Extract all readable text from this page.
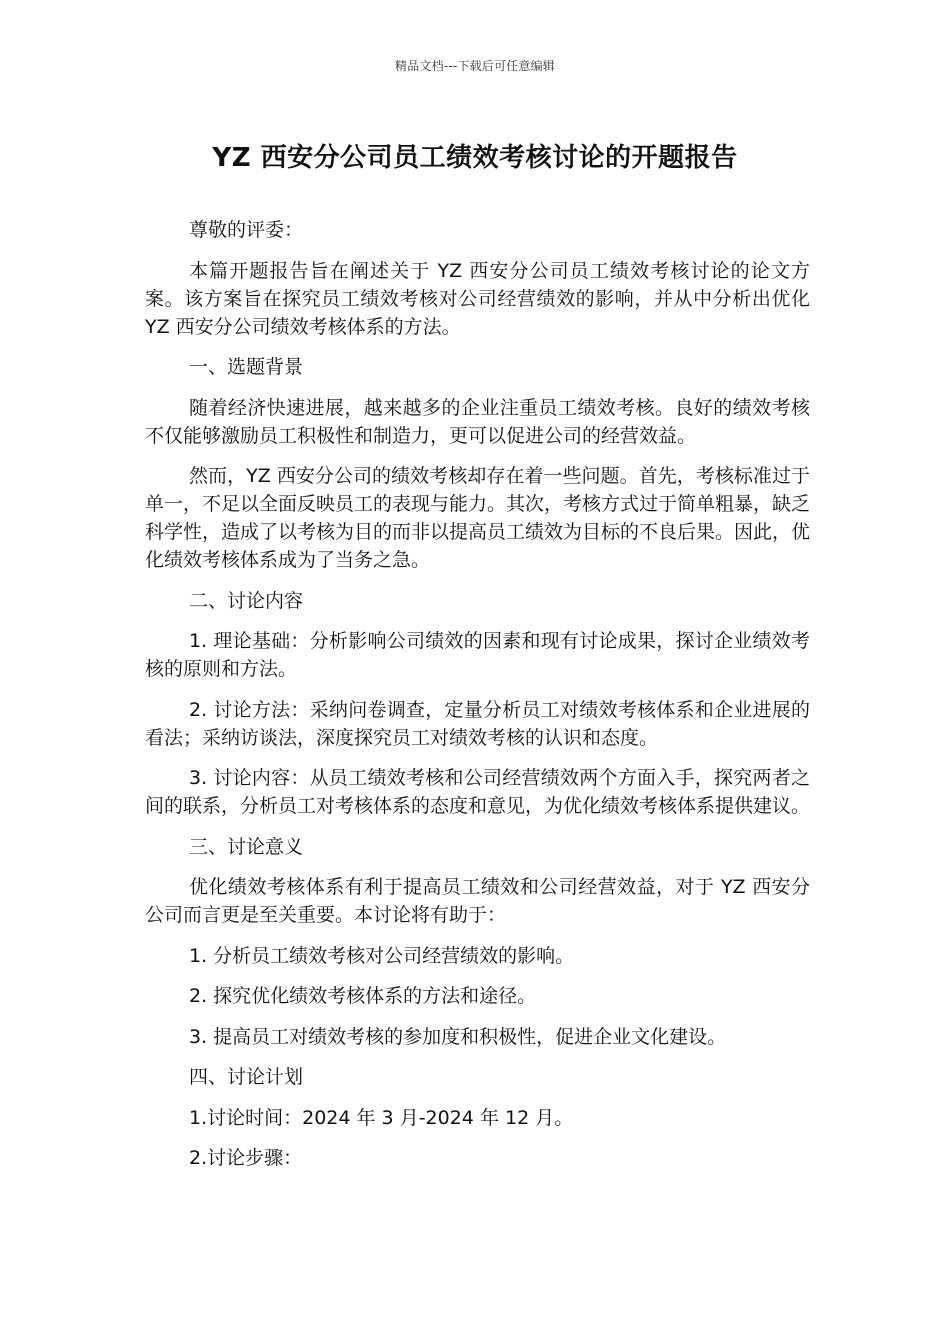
精品文档---下载后可任意编辑
YZ 西安分公司员工绩效考核讨论的开题报告

尊敬的评委：

本篇开题报告旨在阐述关于 YZ 西安分公司员工绩效考核讨论的论文方案。该方案旨在探究员工绩效考核对公司经营绩效的影响，并从中分析出优化 YZ 西安分公司绩效考核体系的方法。

一、选题背景

随着经济快速进展，越来越多的企业注重员工绩效考核。良好的绩效考核不仅能够激励员工积极性和制造力，更可以促进公司的经营效益。

然而，YZ 西安分公司的绩效考核却存在着一些问题。首先，考核标准过于单一，不足以全面反映员工的表现与能力。其次，考核方式过于简单粗暴，缺乏科学性，造成了以考核为目的而非以提高员工绩效为目标的不良后果。因此，优化绩效考核体系成为了当务之急。

二、讨论内容

1. 理论基础：分析影响公司绩效的因素和现有讨论成果，探讨企业绩效考核的原则和方法。

2. 讨论方法：采纳问卷调查，定量分析员工对绩效考核体系和企业进展的看法；采纳访谈法，深度探究员工对绩效考核的认识和态度。

3. 讨论内容：从员工绩效考核和公司经营绩效两个方面入手，探究两者之间的联系，分析员工对考核体系的态度和意见，为优化绩效考核体系提供建议。

三、讨论意义

优化绩效考核体系有利于提高员工绩效和公司经营效益，对于 YZ 西安分公司而言更是至关重要。本讨论将有助于：

1. 分析员工绩效考核对公司经营绩效的影响。

2. 探究优化绩效考核体系的方法和途径。

3. 提高员工对绩效考核的参加度和积极性，促进企业文化建设。

四、讨论计划

1.讨论时间：2024 年 3 月-2024 年 12 月。

2.讨论步骤：
